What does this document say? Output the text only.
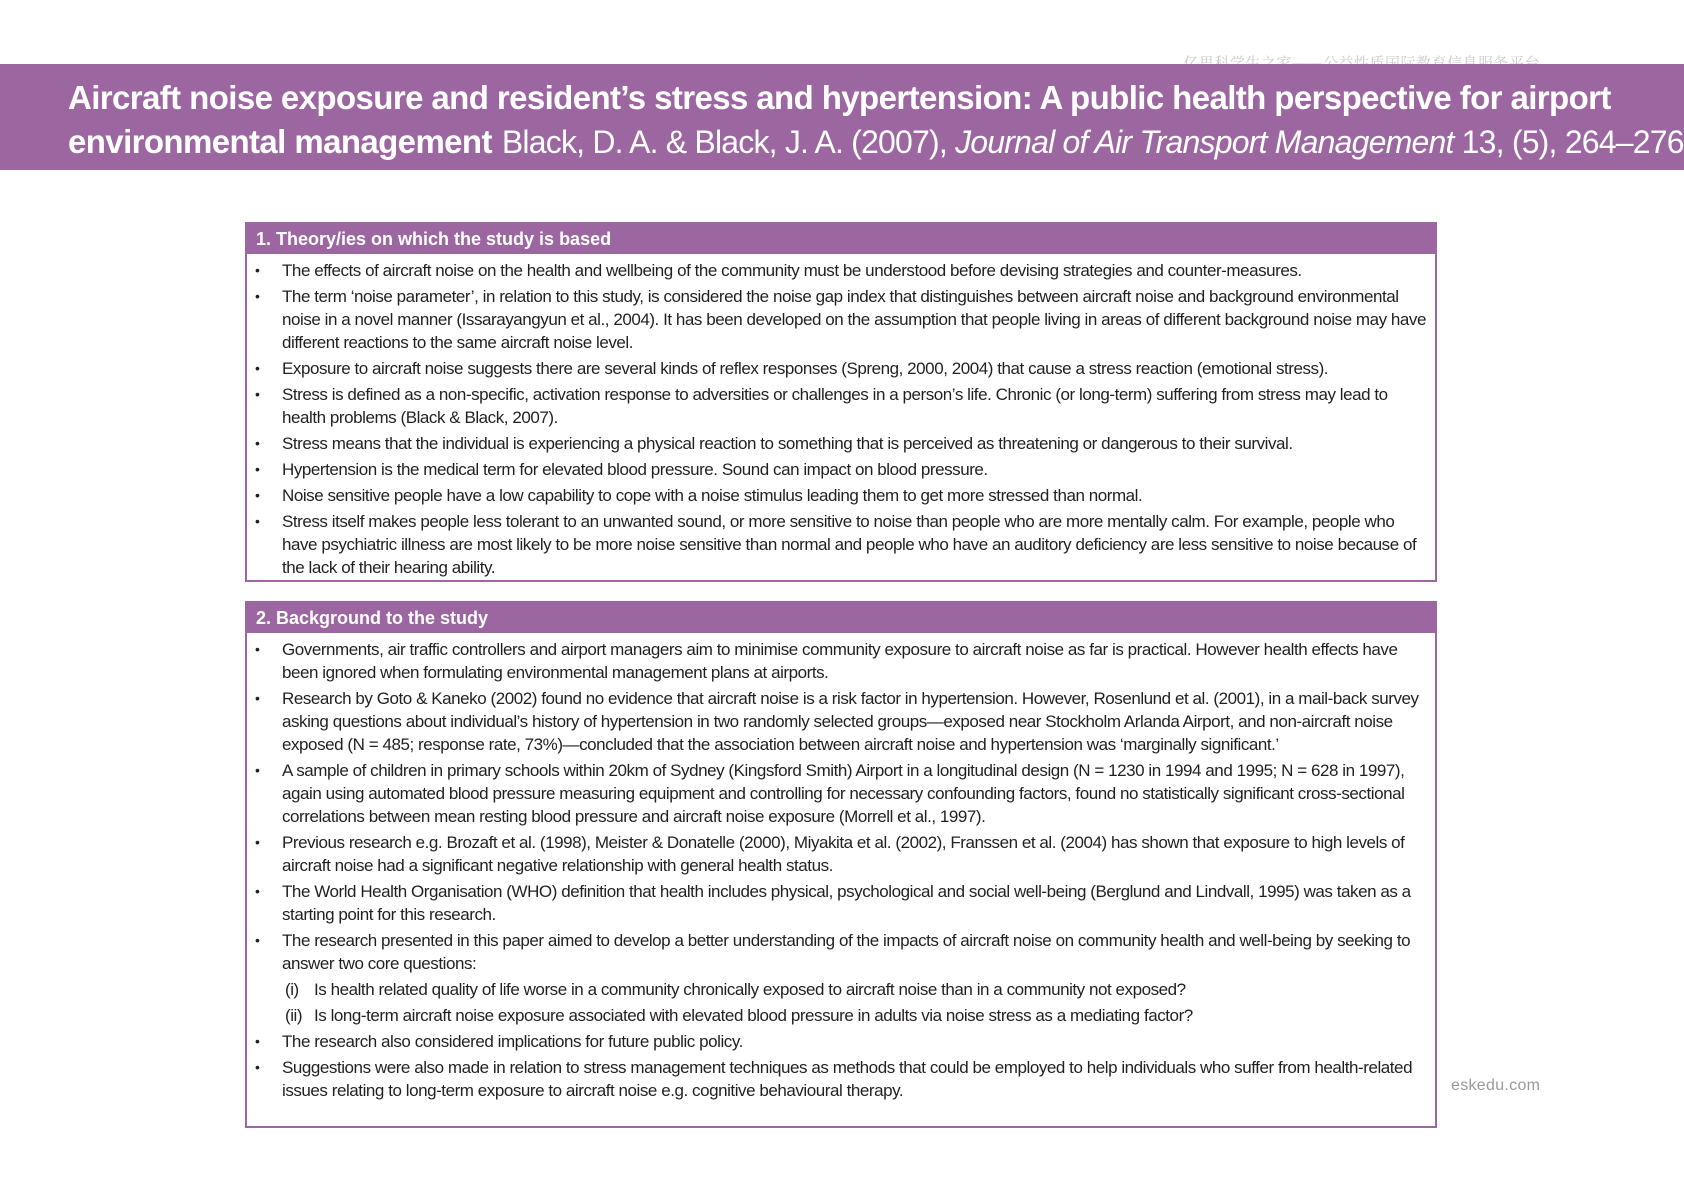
Aircraft noise exposure and resident’s stress and hypertension: A public health perspective for airport
environmental management Black, D. A. & Black, J. A. (2007), Journal of Air Transport Management 13, (5), 264–276
1. Theory/ies on which the study is based
• The effects of aircraft noise on the health and wellbeing of the community must be understood before devising strategies and counter-measures.
• The term ‘noise parameter’, in relation to this study, is considered the noise gap index that distinguishes between aircraft noise and background environmental noise in a novel manner (Issarayangyun et al., 2004). It has been developed on the assumption that people living in areas of different background noise may have different reactions to the same aircraft noise level.
• Exposure to aircraft noise suggests there are several kinds of reflex responses (Spreng, 2000, 2004) that cause a stress reaction (emotional stress).
• Stress is defined as a non-specific, activation response to adversities or challenges in a person’s life. Chronic (or long-term) suffering from stress may lead to health problems (Black & Black, 2007).
• Stress means that the individual is experiencing a physical reaction to something that is perceived as threatening or dangerous to their survival.
• Hypertension is the medical term for elevated blood pressure. Sound can impact on blood pressure.
• Noise sensitive people have a low capability to cope with a noise stimulus leading them to get more stressed than normal.
• Stress itself makes people less tolerant to an unwanted sound, or more sensitive to noise than people who are more mentally calm. For example, people who have psychiatric illness are most likely to be more noise sensitive than normal and people who have an auditory deficiency are less sensitive to noise because of the lack of their hearing ability.
2. Background to the study
• Governments, air traffic controllers and airport managers aim to minimise community exposure to aircraft noise as far is practical. However health effects have been ignored when formulating environmental management plans at airports.
• Research by Goto & Kaneko (2002) found no evidence that aircraft noise is a risk factor in hypertension. However, Rosenlund et al. (2001), in a mail-back survey asking questions about individual’s history of hypertension in two randomly selected groups—exposed near Stockholm Arlanda Airport, and non-aircraft noise exposed (N = 485; response rate, 73%)—concluded that the association between aircraft noise and hypertension was ‘marginally significant.’
• A sample of children in primary schools within 20km of Sydney (Kingsford Smith) Airport in a longitudinal design (N = 1230 in 1994 and 1995; N = 628 in 1997), again using automated blood pressure measuring equipment and controlling for necessary confounding factors, found no statistically significant cross-sectional correlations between mean resting blood pressure and aircraft noise exposure (Morrell et al., 1997).
• Previous research e.g. Brozaft et al. (1998), Meister & Donatelle (2000), Miyakita et al. (2002), Franssen et al. (2004) has shown that exposure to high levels of aircraft noise had a significant negative relationship with general health status.
• The World Health Organisation (WHO) definition that health includes physical, psychological and social well-being (Berglund and Lindvall, 1995) was taken as a starting point for this research.
• The research presented in this paper aimed to develop a better understanding of the impacts of aircraft noise on community health and well-being by seeking to answer two core questions:
(i) Is health related quality of life worse in a community chronically exposed to aircraft noise than in a community not exposed?
(ii) Is long-term aircraft noise exposure associated with elevated blood pressure in adults via noise stress as a mediating factor?
• The research also considered implications for future public policy.
• Suggestions were also made in relation to stress management techniques as methods that could be employed to help individuals who suffer from health-related issues relating to long-term exposure to aircraft noise e.g. cognitive behavioural therapy.	eskedu.com
